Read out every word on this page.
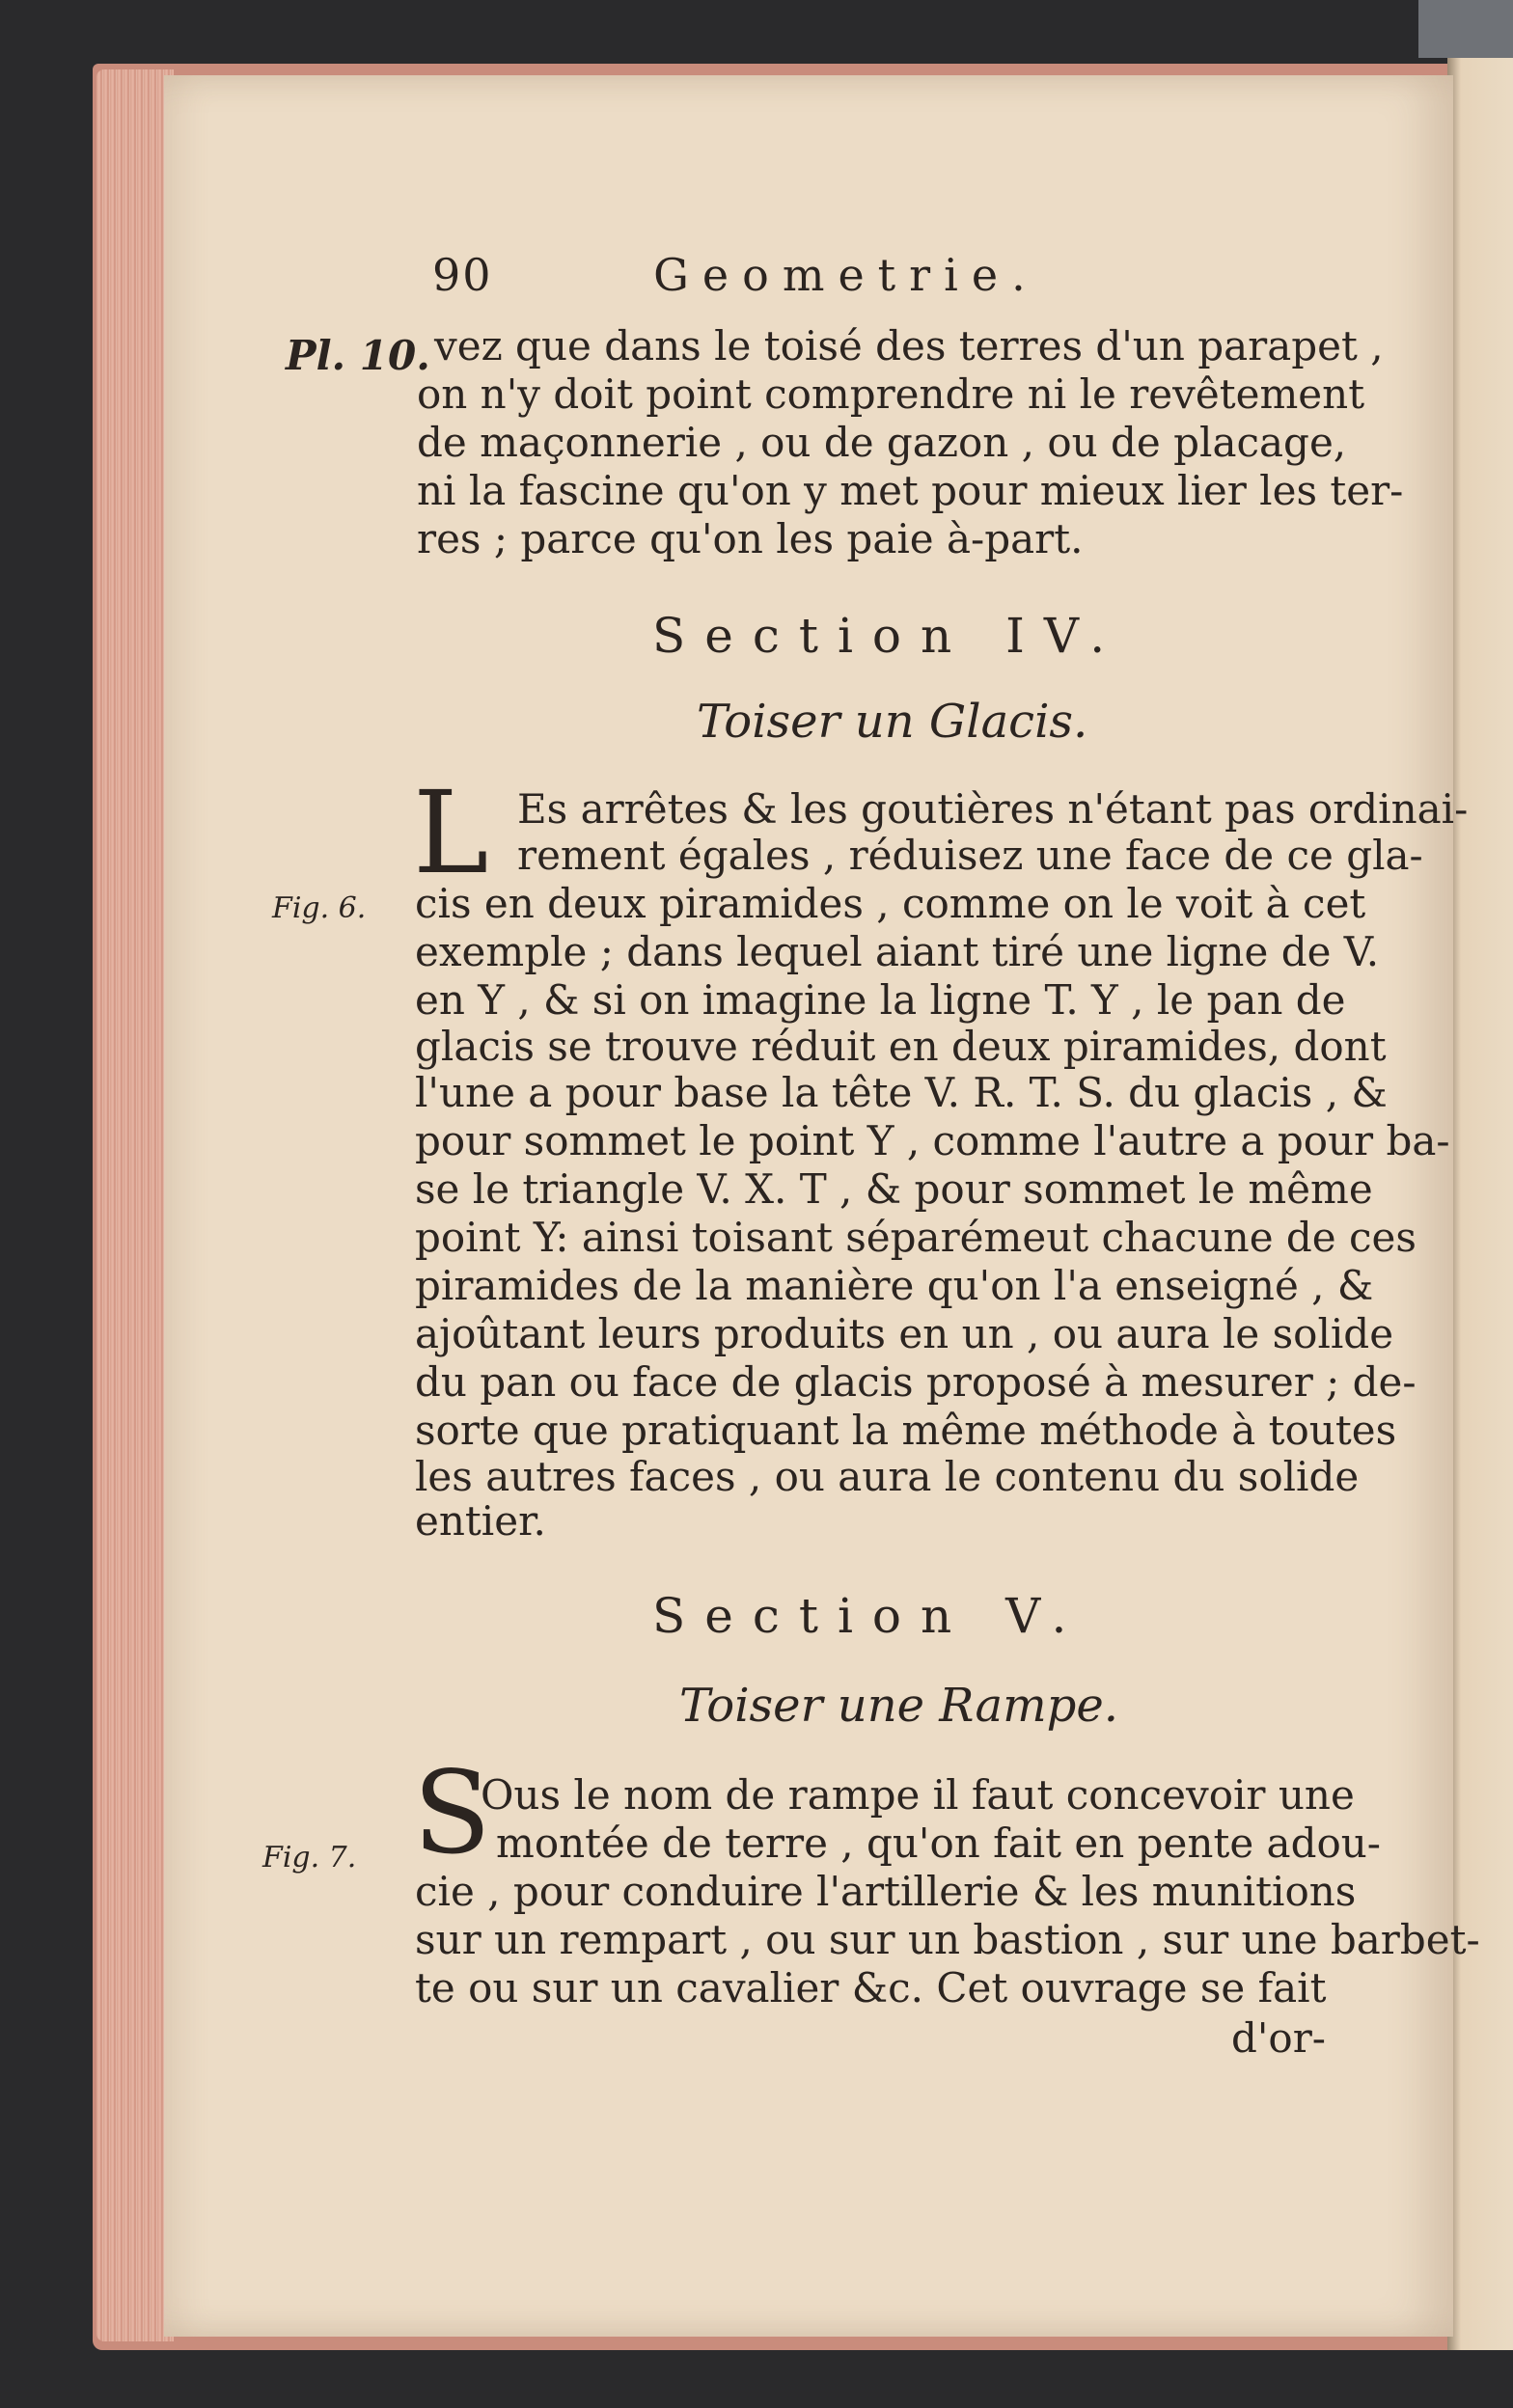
90	Geometrie.
Pl. 10.
Fig. 6.
Fig. 7.
vez que dans le toisé des terres d'un parapet ,
on n'y doit point comprendre ni le revêtement
de maçonnerie , ou de gazon , ou de placage,
ni la fascine qu'on y met pour mieux lier les ter-
res ; parce qu'on les paie à-part.
Section IV.
Toiser un Glacis.
L Es arrêtes & les goutières n'étant pas ordinai-
rement égales , réduisez une face de ce gla-
cis en deux piramides , comme on le voit à cet
exemple ; dans lequel aiant tiré une ligne de V.
en Y , & si on imagine la ligne T. Y , le pan de
glacis se trouve réduit en deux piramides, dont
l'une a pour base la tête V. R. T. S. du glacis , &
pour sommet le point Y , comme l'autre a pour ba-
se le triangle V. X. T , & pour sommet le même
point Y: ainsi toisant séparémeut chacune de ces
piramides de la manière qu'on l'a enseigné , &
ajoûtant leurs produits en un , ou aura le solide
du pan ou face de glacis proposé à mesurer ; de-
sorte que pratiquant la même méthode à toutes
les autres faces , ou aura le contenu du solide
entier.
Section V.
Toiser une Rampe.
S
Ous le nom de rampe il faut concevoir une
montée de terre , qu'on fait en pente adou-
cie , pour conduire l'artillerie & les munitions
sur un rempart , ou sur un bastion , sur une barbet-
te ou sur un cavalier &c. Cet ouvrage se fait
d'or-
